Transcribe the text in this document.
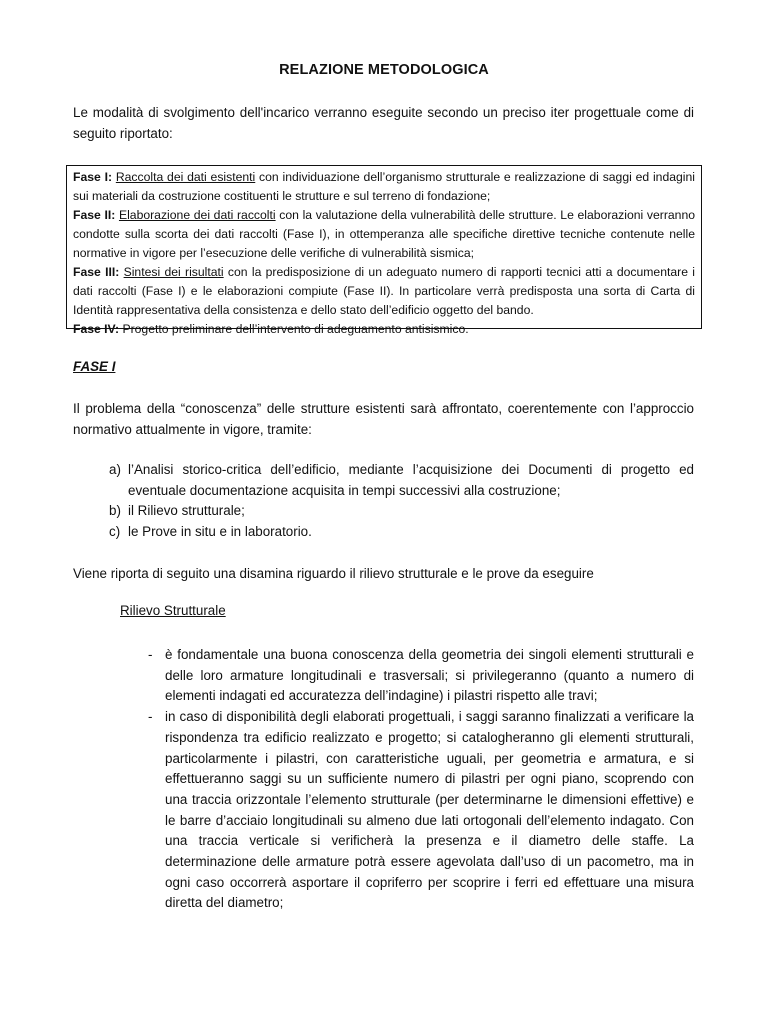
RELAZIONE METODOLOGICA

Le modalità di svolgimento dell'incarico verranno eseguite secondo un preciso iter progettuale come di seguito riportato:

Fase I: Raccolta dei dati esistenti con individuazione dell’organismo strutturale e realizzazione di saggi ed indagini sui materiali da costruzione costituenti le strutture e sul terreno di fondazione;

Fase II: Elaborazione dei dati raccolti con la valutazione della vulnerabilità delle strutture. Le elaborazioni verranno condotte sulla scorta dei dati raccolti (Fase I), in ottemperanza alle specifiche direttive tecniche contenute nelle normative in vigore per l’esecuzione delle verifiche di vulnerabilità sismica;

Fase III: Sintesi dei risultati con la predisposizione di un adeguato numero di rapporti tecnici atti a documentare i dati raccolti (Fase I) e le elaborazioni compiute (Fase II). In particolare verrà predisposta una sorta di Carta di Identità rappresentativa della consistenza e dello stato dell’edificio oggetto del bando.

Fase IV: Progetto preliminare dell’intervento di adeguamento antisismico.

FASE I

Il problema della “conoscenza” delle strutture esistenti sarà affrontato, coerentemente con l’approccio normativo attualmente in vigore, tramite:

a) l’Analisi storico-critica dell’edificio, mediante l’acquisizione dei Documenti di progetto ed eventuale documentazione acquisita in tempi successivi alla costruzione;
b) il Rilievo strutturale;
c) le Prove in situ e in laboratorio.

Viene riporta di seguito una disamina riguardo il rilievo strutturale e le prove da eseguire

Rilievo Strutturale
- è fondamentale una buona conoscenza della geometria dei singoli elementi strutturali e delle loro armature longitudinali e trasversali; si privilegeranno (quanto a numero di elementi indagati ed accuratezza dell’indagine) i pilastri rispetto alle travi;
- in caso di disponibilità degli elaborati progettuali, i saggi saranno finalizzati a verificare la rispondenza tra edificio realizzato e progetto; si catalogheranno gli elementi strutturali, particolarmente i pilastri, con caratteristiche uguali, per geometria e armatura, e si effettueranno saggi su un sufficiente numero di pilastri per ogni piano, scoprendo con una traccia orizzontale l’elemento strutturale (per determinarne le dimensioni effettive) e le barre d’acciaio longitudinali su almeno due lati ortogonali dell’elemento indagato. Con una traccia verticale si verificherà la presenza e il diametro delle staffe. La determinazione delle armature potrà essere agevolata dall’uso di un pacometro, ma in ogni caso occorrerà asportare il copriferro per scoprire i ferri ed effettuare una misura diretta del diametro;
